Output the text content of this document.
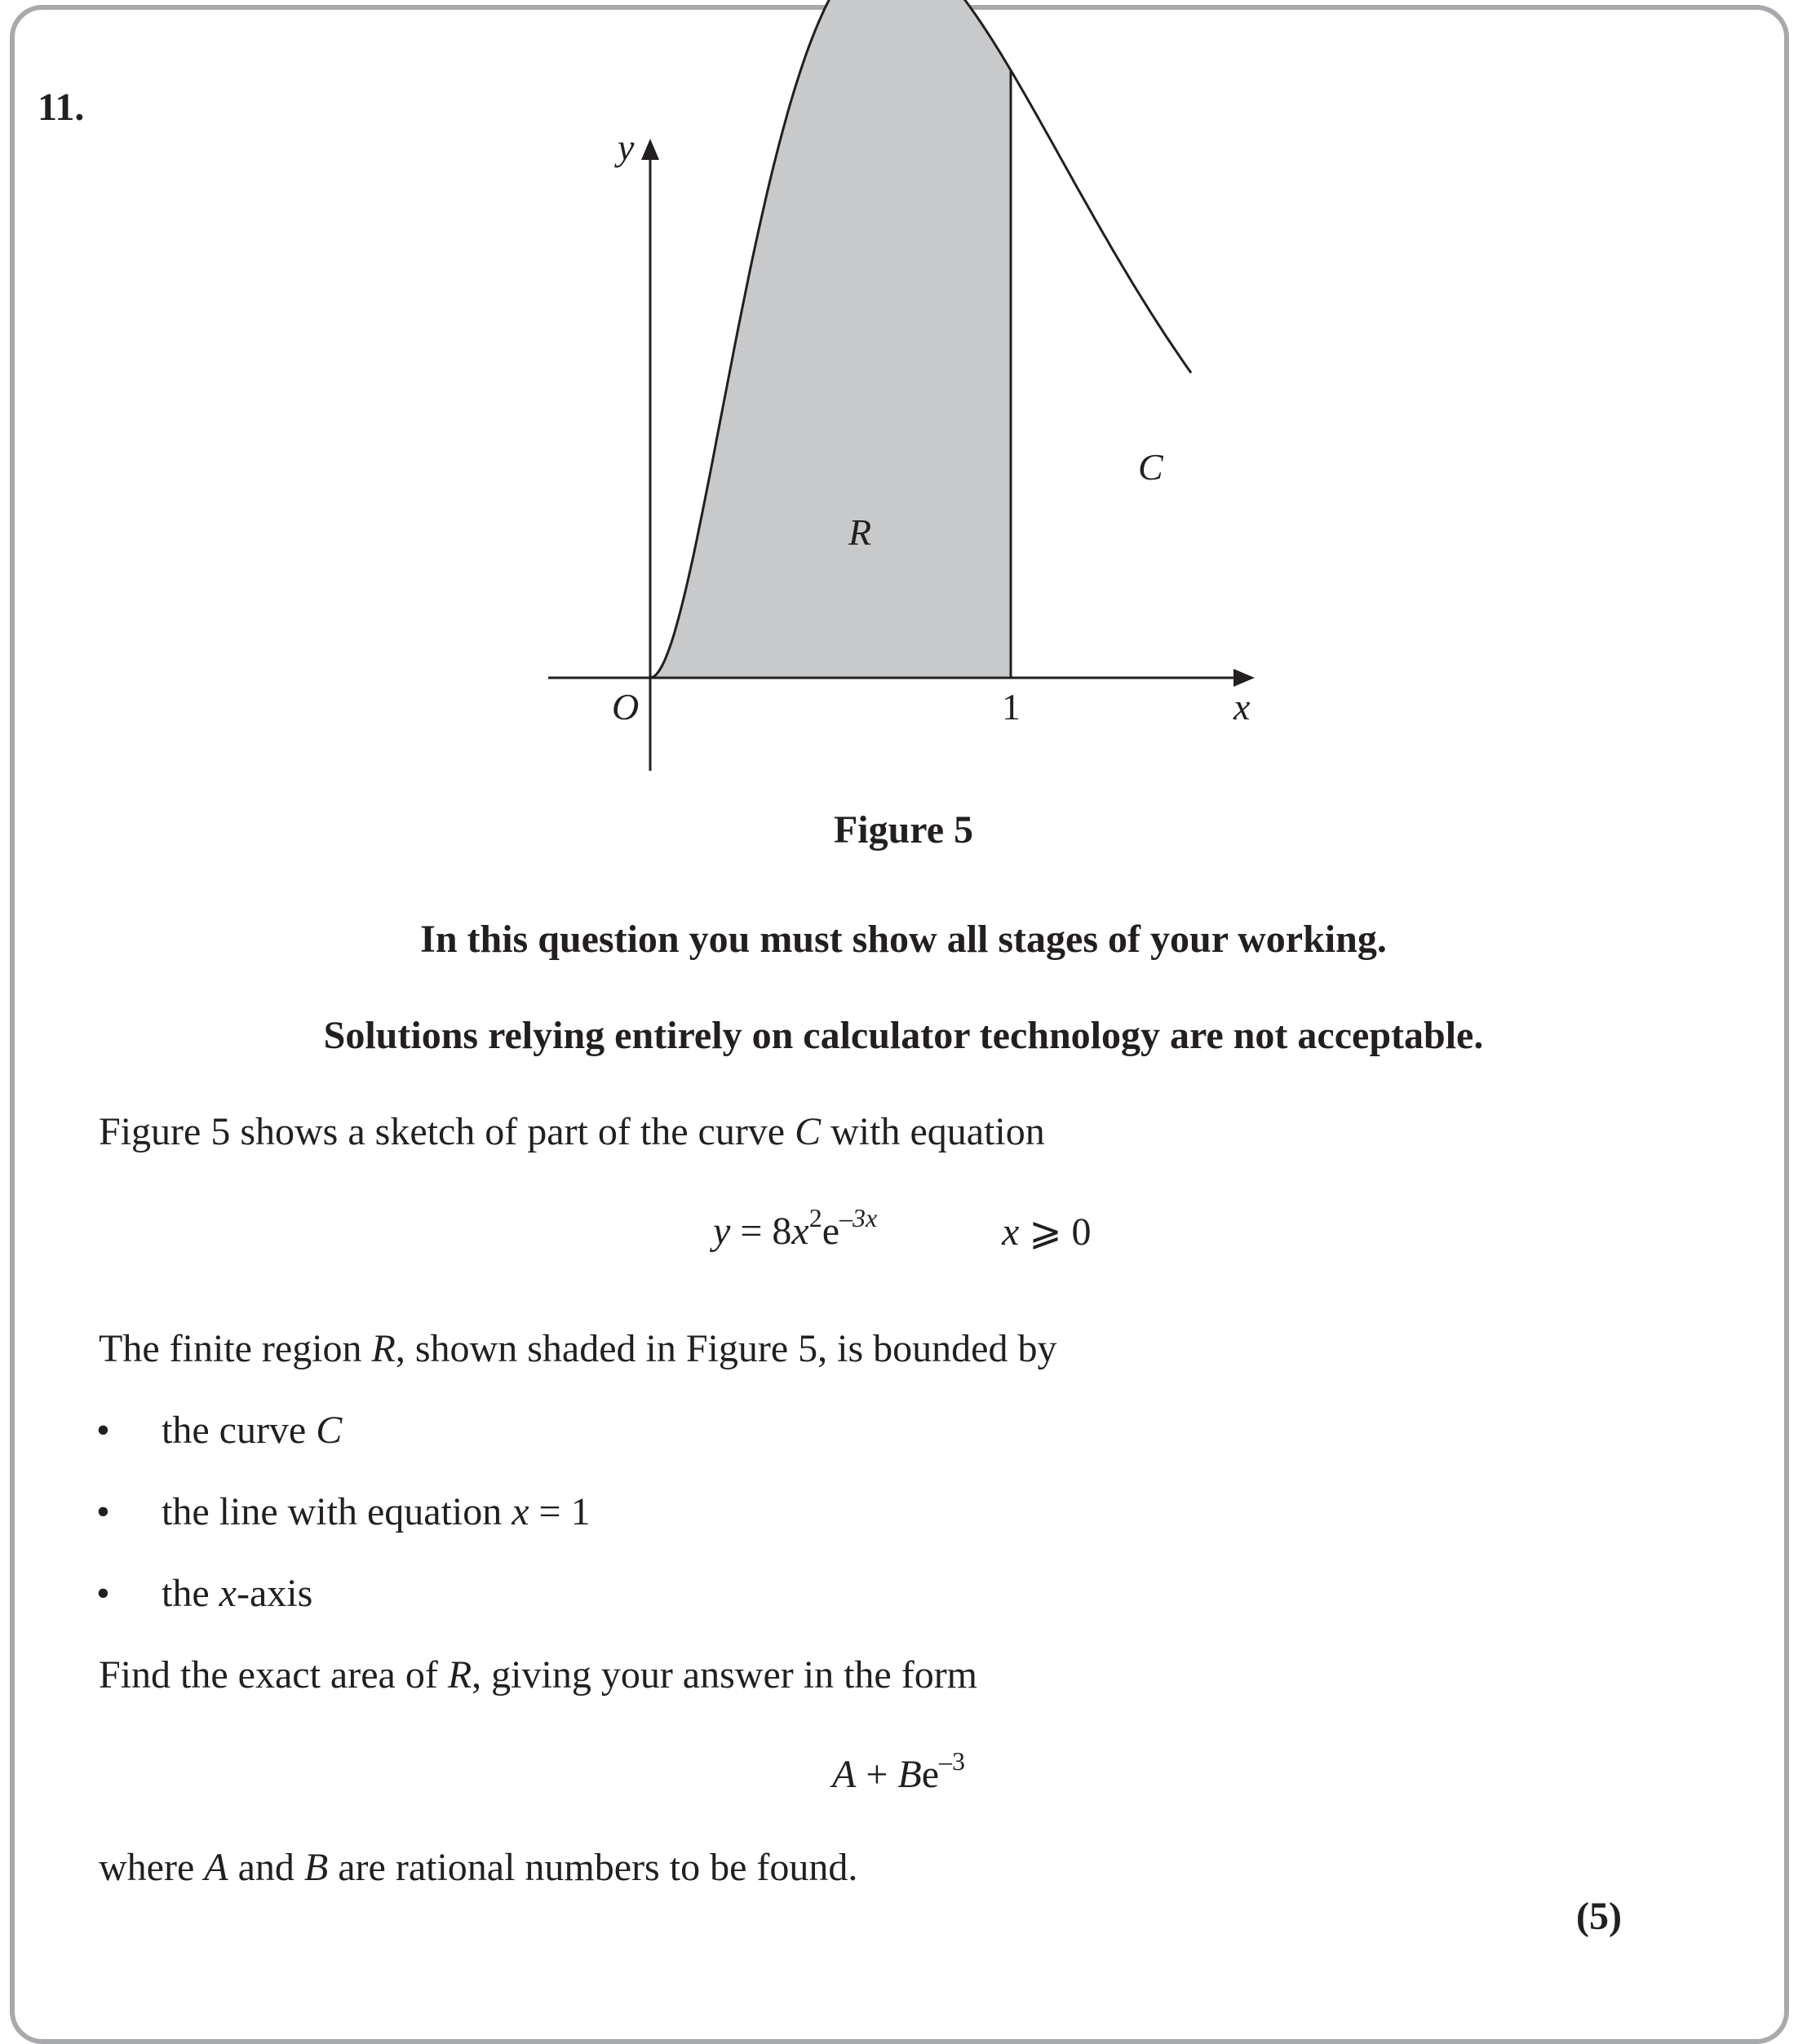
11.
y
x
O	1
C
R
Figure 5
In this question you must show all stages of your working.
Solutions relying entirely on calculator technology are not acceptable.
Figure 5 shows a sketch of part of the curve C with equation
$y = 8x^2e^{-3x}$	x ⩾ 0
The finite region R, shown shaded in Figure 5, is bounded by
• the curve C
• the line with equation x = 1
• the x-axis
Find the exact area of R, giving your answer in the form
$A + Be^{-3}$
where A and B are rational numbers to be found.
(5)
